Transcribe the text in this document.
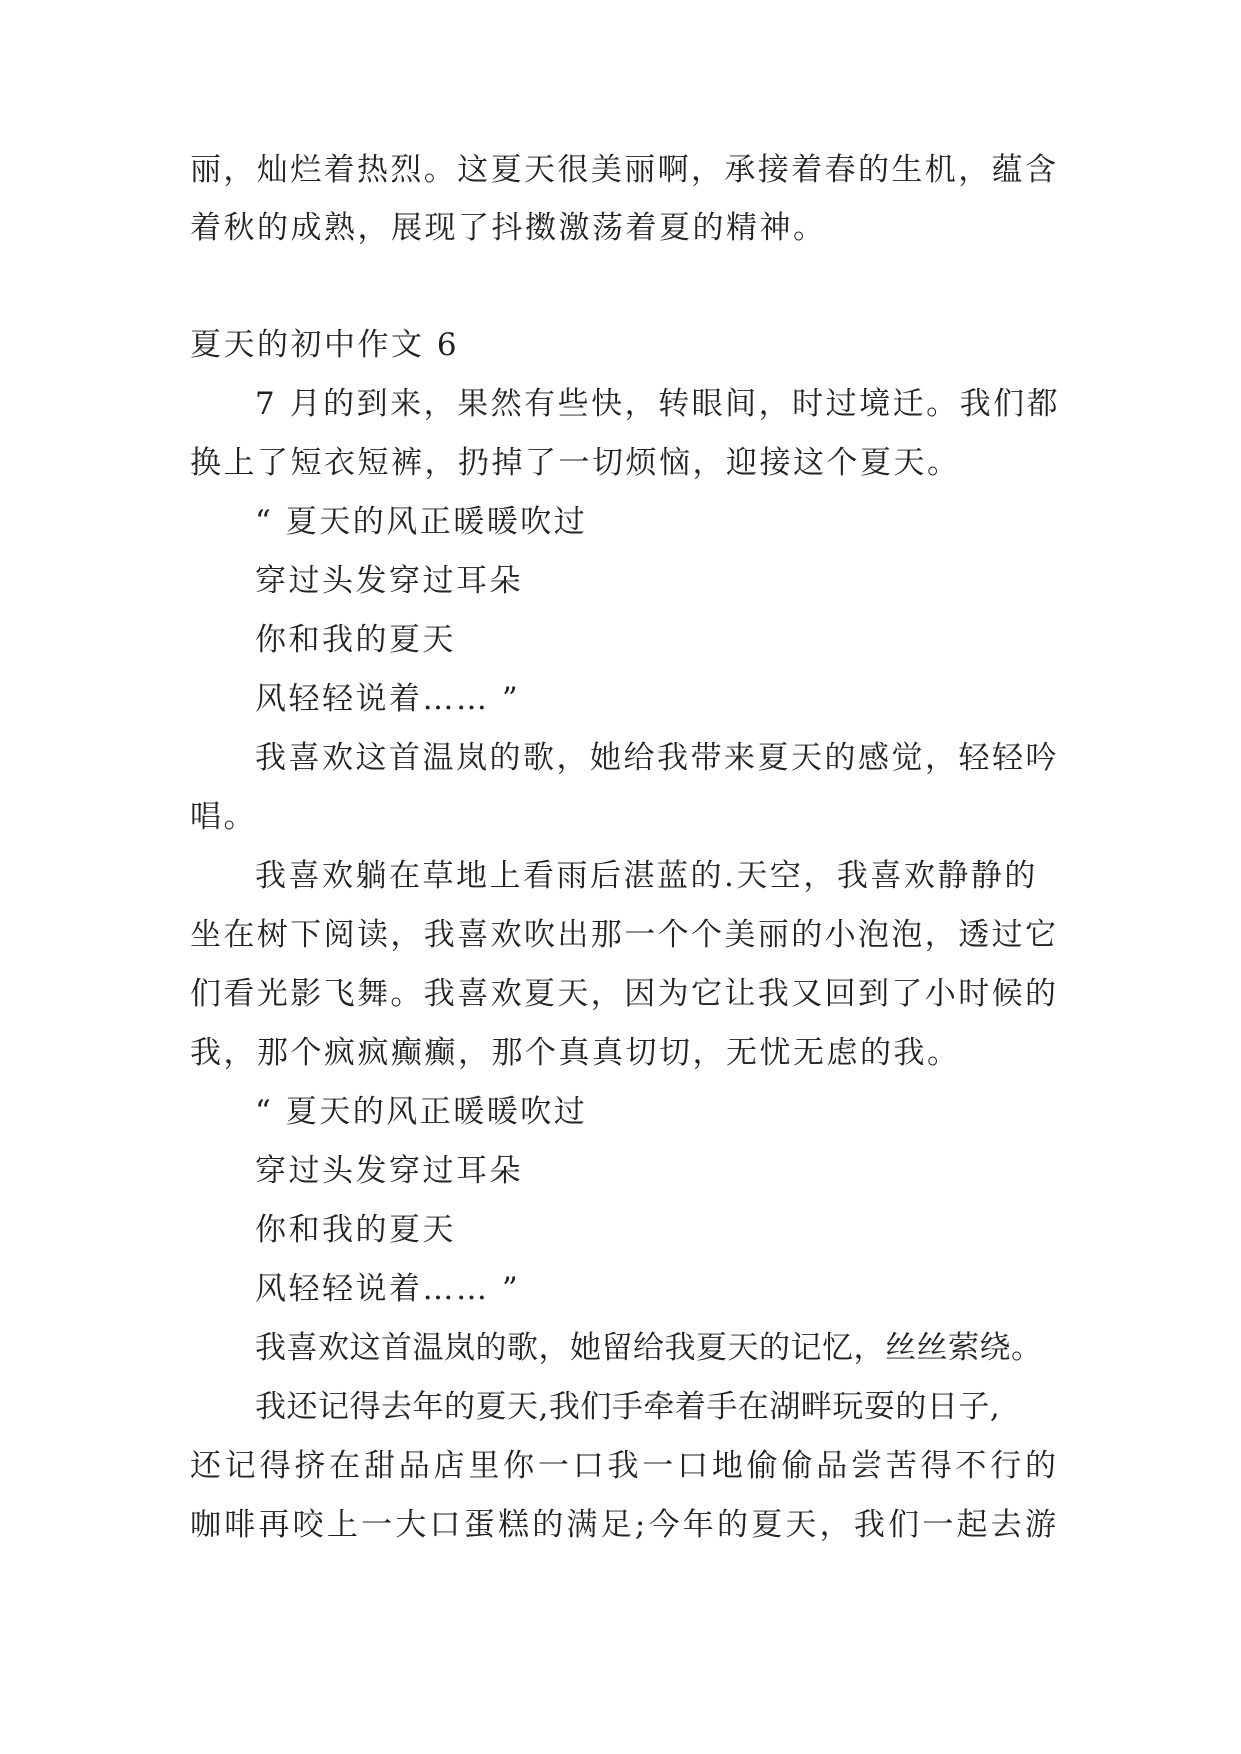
丽，灿烂着热烈。这夏天很美丽啊，承接着春的生机，蕴含
着秋的成熟，展现了抖擞激荡着夏的精神。
夏天的初中作文 6
7 月的到来，果然有些快，转眼间，时过境迁。我们都
换上了短衣短裤，扔掉了一切烦恼，迎接这个夏天。
“ 夏天的风正暖暖吹过
穿过头发穿过耳朵
你和我的夏天
风轻轻说着…… ”
我喜欢这首温岚的歌，她给我带来夏天的感觉，轻轻吟
唱。
我喜欢躺在草地上看雨后湛蓝的.天空，我喜欢静静的
坐在树下阅读，我喜欢吹出那一个个美丽的小泡泡，透过它
们看光影飞舞。我喜欢夏天，因为它让我又回到了小时候的
我，那个疯疯癫癫，那个真真切切，无忧无虑的我。
“ 夏天的风正暖暖吹过
穿过头发穿过耳朵
你和我的夏天
风轻轻说着…… ”
我喜欢这首温岚的歌，她留给我夏天的记忆，丝丝萦绕。
我还记得去年的夏天,我们手牵着手在湖畔玩耍的日子,
还记得挤在甜品店里你一口我一口地偷偷品尝苦得不行的
咖啡再咬上一大口蛋糕的满足;今年的夏天，我们一起去游
